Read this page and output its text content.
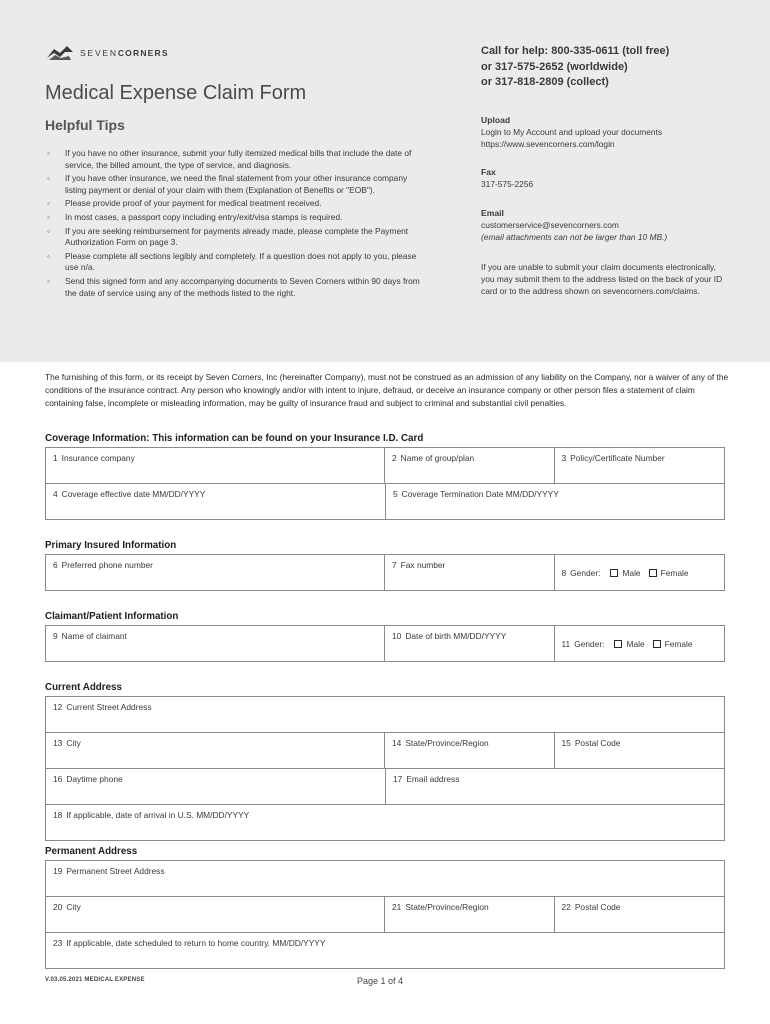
SEVENCORNERS
Medical Expense Claim Form
Helpful Tips
◦ If you have no other insurance, submit your fully itemized medical bills that include the date of service, the billed amount, the type of service, and diagnosis.
◦ If you have other insurance, we need the final statement from your other insurance company listing payment or denial of your claim with them (Explanation of Benefits or "EOB").
◦ Please provide proof of your payment for medical treatment received.
◦ In most cases, a passport copy including entry/exit/visa stamps is required.
◦ If you are seeking reimbursement for payments already made, please complete the Payment Authorization Form on page 3.
◦ Please complete all sections legibly and completely. If a question does not apply to you, please use n/a.
◦ Send this signed form and any accompanying documents to Seven Corners within 90 days from the date of service using any of the methods listed to the right.
Call for help: 800-335-0611 (toll free)
or 317-575-2652 (worldwide)
or 317-818-2809 (collect)
Upload
Login to My Account and upload your documents
https://www.sevencorners.com/login
Fax
317-575-2256
Email
customerservice@sevencorners.com
(email attachments can not be larger than 10 MB.)
If you are unable to submit your claim documents electronically, you may submit them to the address listed on the back of your ID card or to the address shown on sevencorners.com/claims.

The furnishing of this form, or its receipt by Seven Corners, Inc (hereinafter Company), must not be construed as an admission of any liability on the Company, nor a waiver of any of the conditions of the insurance contract. Any person who knowingly and/or with intent to injure, defraud, or deceive an insurance company or other person files a statement of claim containing false, incomplete or misleading information, may be guilty of insurance fraud and subject to criminal and substantial civil penalties.

Coverage Information: This information can be found on your Insurance I.D. Card
1 Insurance company	2 Name of group/plan	3 Policy/Certificate Number
4 Coverage effective date MM/DD/YYYY	5 Coverage Termination Date MM/DD/YYYY
Primary Insured Information
6 Preferred phone number	7 Fax number
8 Gender:	Male Female
Claimant/Patient Information
9 Name of claimant	10 Date of birth MM/DD/YYYY
11 Gender:	Male Female
Current Address
12 Current Street Address
13 City	14 State/Province/Region	15 Postal Code
16 Daytime phone	17 Email address
18 If applicable, date of arrival in U.S. MM/DD/YYYY
Permanent Address
19 Permanent Street Address
20 City	21 State/Province/Region	22 Postal Code
23 If applicable, date scheduled to return to home country. MM/DD/YYYY
V.03.05.2021 MEDICAL EXPENSE	Page 1 of 4
